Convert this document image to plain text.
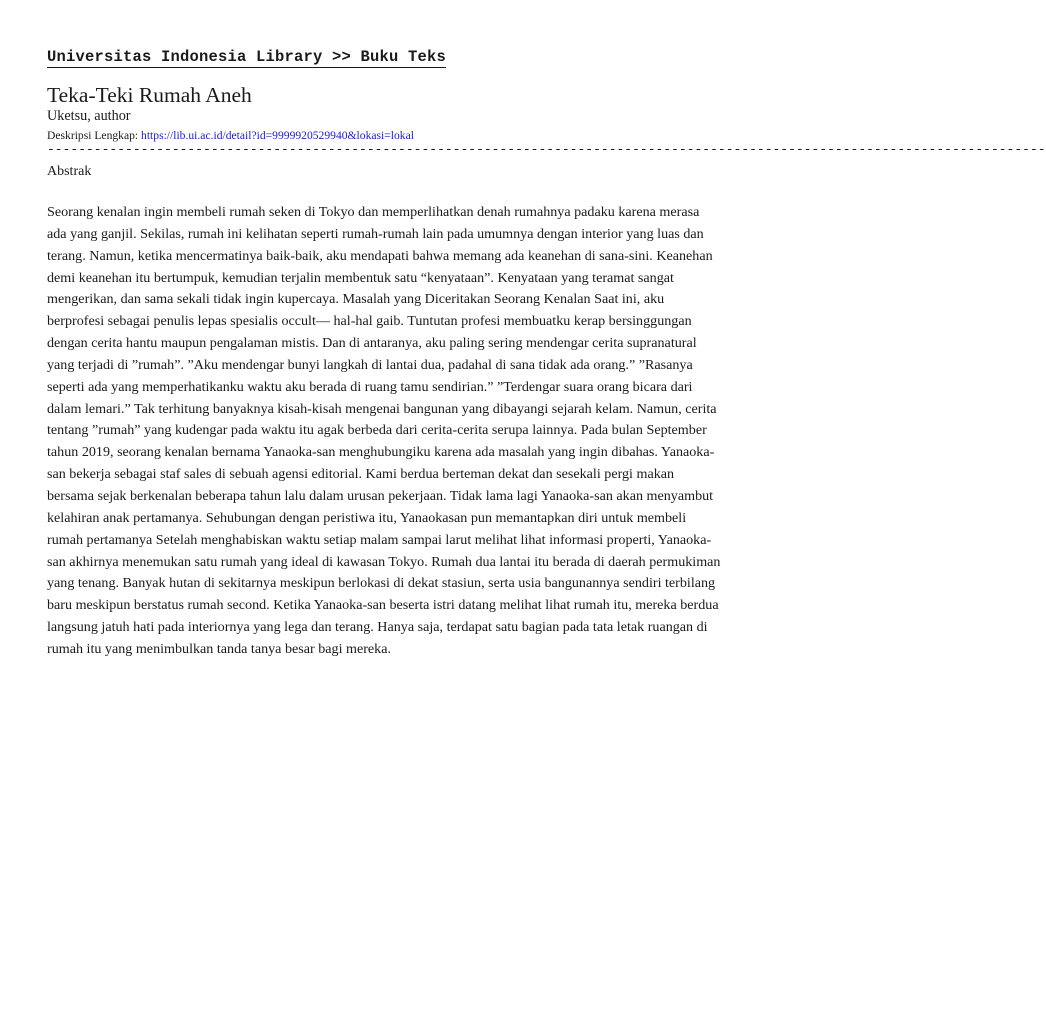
Universitas Indonesia Library >> Buku Teks
Teka-Teki Rumah Aneh
Uketsu, author
Deskripsi Lengkap: https://lib.ui.ac.id/detail?id=9999920529940&lokasi=lokal
--------------------------------------------------------------------------------------------------------------------------------
Abstrak
Seorang kenalan ingin membeli rumah seken di Tokyo dan memperlihatkan denah rumahnya padaku karena merasa ada yang ganjil. Sekilas, rumah ini kelihatan seperti rumah-rumah lain pada umumnya dengan interior yang luas dan terang. Namun, ketika mencermatinya baik-baik, aku mendapati bahwa memang ada keanehan di sana-sini. Keanehan demi keanehan itu bertumpuk, kemudian terjalin membentuk satu “kenyataan”. Kenyataan yang teramat sangat mengerikan, dan sama sekali tidak ingin kupercaya. Masalah yang Diceritakan Seorang Kenalan Saat ini, aku berprofesi sebagai penulis lepas spesialis occult— hal-hal gaib. Tuntutan profesi membuatku kerap bersinggungan dengan cerita hantu maupun pengalaman mistis. Dan di antaranya, aku paling sering mendengar cerita supranatural yang terjadi di ”rumah”. ”Aku mendengar bunyi langkah di lantai dua, padahal di sana tidak ada orang.” ”Rasanya seperti ada yang memperhatikanku waktu aku berada di ruang tamu sendirian.” ”Terdengar suara orang bicara dari dalam lemari.” Tak terhitung banyaknya kisah-kisah mengenai bangunan yang dibayangi sejarah kelam. Namun, cerita tentang ”rumah” yang kudengar pada waktu itu agak berbeda dari cerita-cerita serupa lainnya. Pada bulan September tahun 2019, seorang kenalan bernama Yanaoka-san menghubungiku karena ada masalah yang ingin dibahas. Yanaoka-san bekerja sebagai staf sales di sebuah agensi editorial. Kami berdua berteman dekat dan sesekali pergi makan bersama sejak berkenalan beberapa tahun lalu dalam urusan pekerjaan. Tidak lama lagi Yanaoka-san akan menyambut kelahiran anak pertamanya. Sehubungan dengan peristiwa itu, Yanaokasan pun memantapkan diri untuk membeli rumah pertamanya Setelah menghabiskan waktu setiap malam sampai larut melihat lihat informasi properti, Yanaoka-san akhirnya menemukan satu rumah yang ideal di kawasan Tokyo. Rumah dua lantai itu berada di daerah permukiman yang tenang. Banyak hutan di sekitarnya meskipun berlokasi di dekat stasiun, serta usia bangunannya sendiri terbilang baru meskipun berstatus rumah second. Ketika Yanaoka-san beserta istri datang melihat lihat rumah itu, mereka berdua langsung jatuh hati pada interiornya yang lega dan terang. Hanya saja, terdapat satu bagian pada tata letak ruangan di rumah itu yang menimbulkan tanda tanya besar bagi mereka.
